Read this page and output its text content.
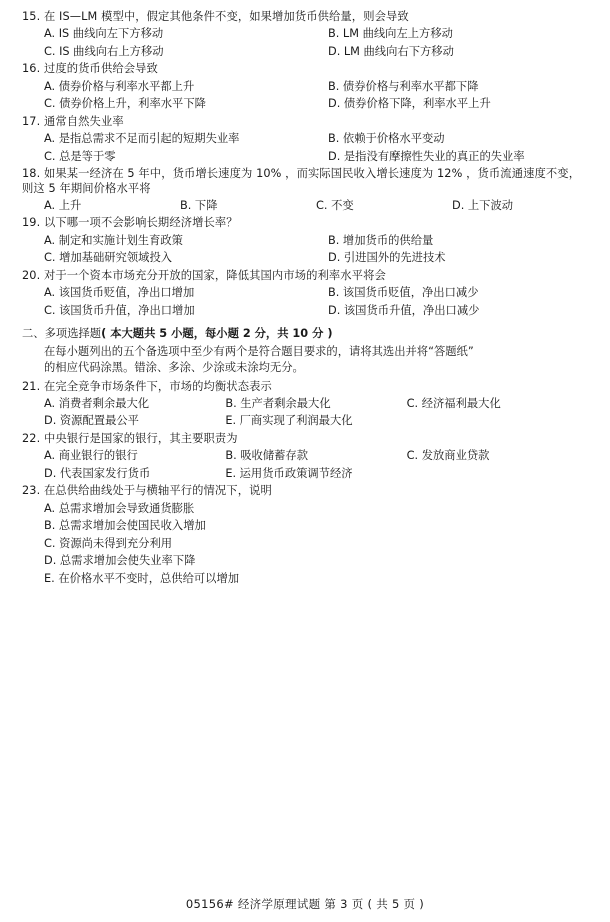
15. 在 IS—LM 模型中，假定其他条件不变，如果增加货币供给量，则会导致
A. IS 曲线向左下方移动	B. LM 曲线向左上方移动
C. IS 曲线向右上方移动	D. LM 曲线向右下方移动
16. 过度的货币供给会导致
A. 债券价格与利率水平都上升	B. 债券价格与利率水平都下降
C. 债券价格上升，利率水平下降	D. 债券价格下降，利率水平上升
17. 通常自然失业率
A. 是指总需求不足而引起的短期失业率	B. 依赖于价格水平变动
C. 总是等于零	D. 是指没有摩擦性失业的真正的失业率
18. 如果某一经济在 5 年中，货币增长速度为 10% ，而实际国民收入增长速度为 12% ，货币流通速度不变，则这 5 年期间价格水平将
A. 上升	B. 下降	C. 不变	D. 上下波动
19. 以下哪一项不会影响长期经济增长率？
A. 制定和实施计划生育政策	B. 增加货币的供给量
C. 增加基础研究领域投入	D. 引进国外的先进技术
20. 对于一个资本市场充分开放的国家，降低其国内市场的利率水平将会
A. 该国货币贬值，净出口增加	B. 该国货币贬值，净出口减少
C. 该国货币升值，净出口增加	D. 该国货币升值，净出口减少
二、多项选择题( 本大题共 5 小题，每小题 2 分，共 10 分 )
在每小题列出的五个备选项中至少有两个是符合题目要求的，请将其选出并将“答题纸”
的相应代码涂黑。错涂、多涂、少涂或未涂均无分。
21. 在完全竞争市场条件下，市场的均衡状态表示
A. 消费者剩余最大化	B. 生产者剩余最大化	C. 经济福利最大化
D. 资源配置最公平	E. 厂商实现了利润最大化
22. 中央银行是国家的银行，其主要职责为
A. 商业银行的银行	B. 吸收储蓄存款	C. 发放商业贷款
D. 代表国家发行货币	E. 运用货币政策调节经济
23. 在总供给曲线处于与横轴平行的情况下，说明
A. 总需求增加会导致通货膨胀
B. 总需求增加会使国民收入增加
C. 资源尚未得到充分利用
D. 总需求增加会使失业率下降
E. 在价格水平不变时，总供给可以增加
05156# 经济学原理试题 第 3 页 ( 共 5 页 )
